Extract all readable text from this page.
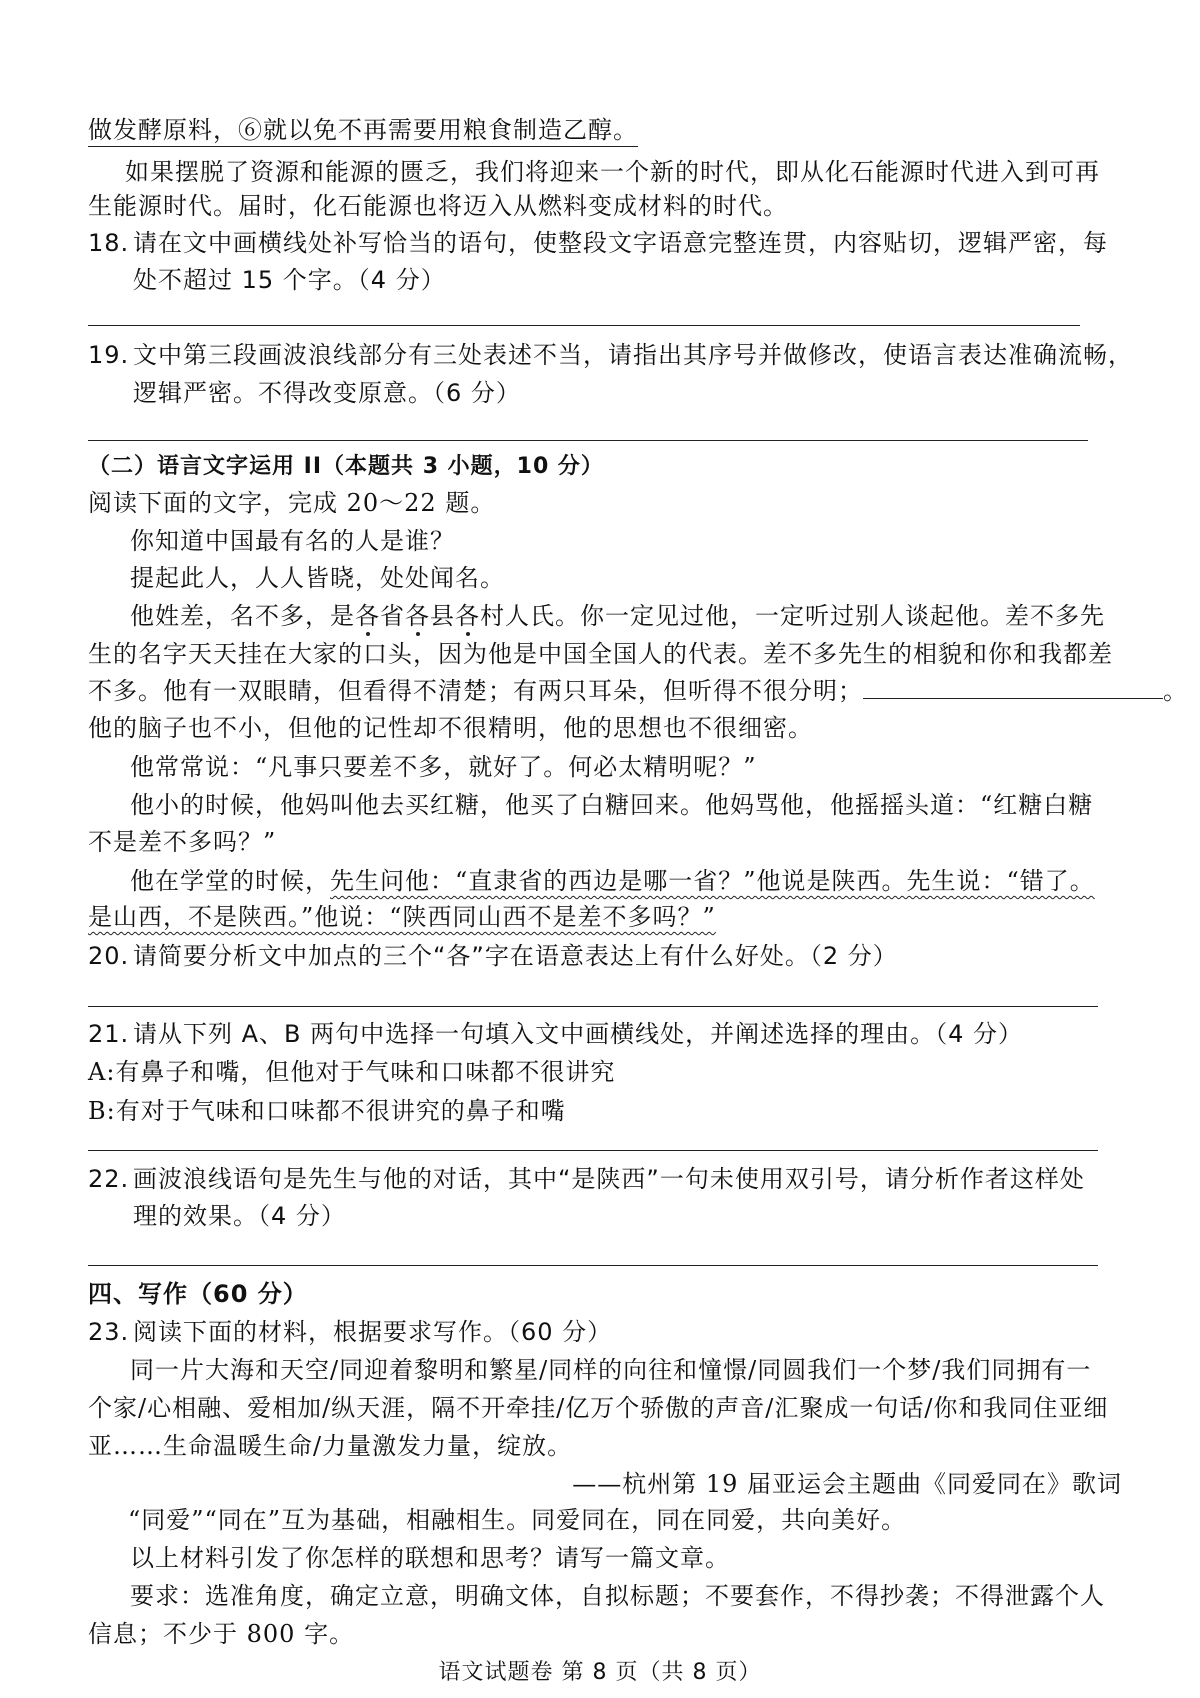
做发酵原料，⑥就以免不再需要用粮食制造乙醇。
如果摆脱了资源和能源的匮乏，我们将迎来一个新的时代，即从化石能源时代进入到可再
生能源时代。届时，化石能源也将迈入从燃料变成材料的时代。
18. 请在文中画横线处补写恰当的语句，使整段文字语意完整连贯，内容贴切，逻辑严密，每
处不超过 15 个字。（4 分）
19. 文中第三段画波浪线部分有三处表述不当，请指出其序号并做修改，使语言表达准确流畅，
逻辑严密。不得改变原意。（6 分）
（二）语言文字运用 II（本题共 3 小题，10 分）
阅读下面的文字，完成 20～22 题。
你知道中国最有名的人是谁？
提起此人，人人皆晓，处处闻名。
他姓差，名不多，是各省各县各村人氏。你一定见过他，一定听过别人谈起他。差不多先
生的名字天天挂在大家的口头，因为他是中国全国人的代表。差不多先生的相貌和你和我都差
不多。他有一双眼睛，但看得不清楚；有两只耳朵，但听得不很分明；	。
他的脑子也不小，但他的记性却不很精明，他的思想也不很细密。
他常常说：“凡事只要差不多，就好了。何必太精明呢？”
他小的时候，他妈叫他去买红糖，他买了白糖回来。他妈骂他，他摇摇头道：“红糖白糖
不是差不多吗？”
他在学堂的时候，先生问他：“直隶省的西边是哪一省？”他说是陕西。先生说：“错了。
是山西，不是陕西。”他说：“陕西同山西不是差不多吗？”
20. 请简要分析文中加点的三个“各”字在语意表达上有什么好处。（2 分）
21. 请从下列 A、B 两句中选择一句填入文中画横线处，并阐述选择的理由。（4 分）
A:有鼻子和嘴，但他对于气味和口味都不很讲究
B:有对于气味和口味都不很讲究的鼻子和嘴
22. 画波浪线语句是先生与他的对话，其中“是陕西”一句未使用双引号，请分析作者这样处
理的效果。（4 分）
四、写作（60 分）
23. 阅读下面的材料，根据要求写作。（60 分）
同一片大海和天空/同迎着黎明和繁星/同样的向往和憧憬/同圆我们一个梦/我们同拥有一
个家/心相融、爱相加/纵天涯，隔不开牵挂/亿万个骄傲的声音/汇聚成一句话/你和我同住亚细
亚……生命温暖生命/力量激发力量，绽放。
——杭州第 19 届亚运会主题曲《同爱同在》歌词
“同爱”“同在”互为基础，相融相生。同爱同在，同在同爱，共向美好。
以上材料引发了你怎样的联想和思考？请写一篇文章。
要求：选准角度，确定立意，明确文体，自拟标题；不要套作，不得抄袭；不得泄露个人
信息；不少于 800 字。
语文试题卷 第 8 页（共 8 页）
